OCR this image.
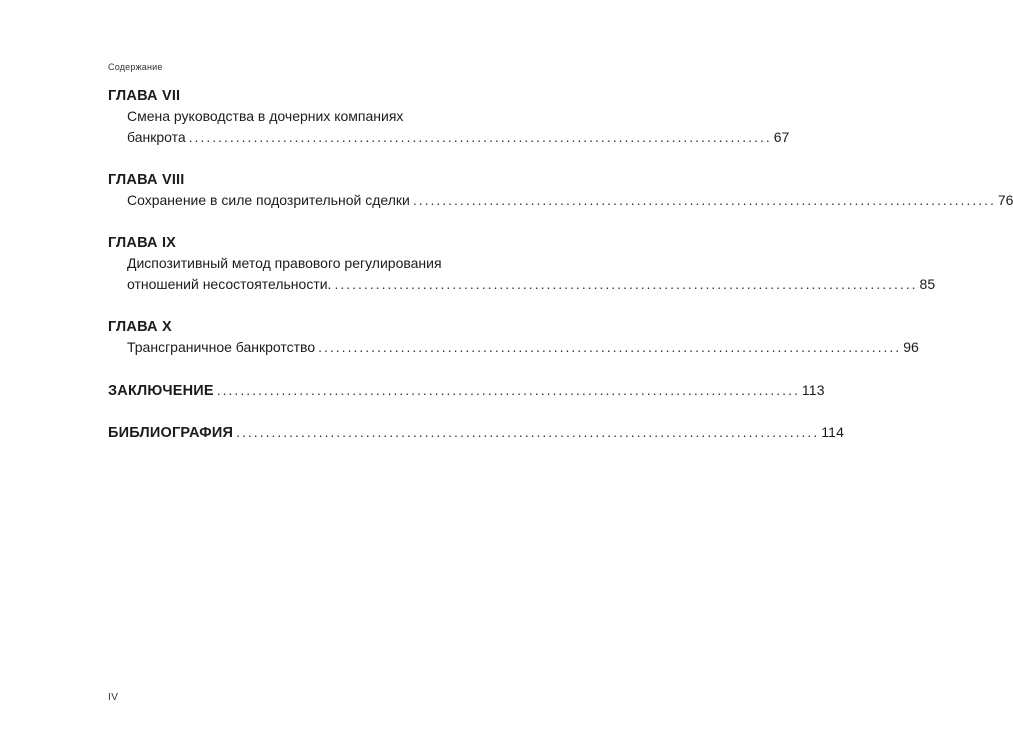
Содержание
ГЛАВА VII
Смена руководства в дочерних компаниях
банкрота ................................................................................................... 67
ГЛАВА VIII
Сохранение в силе подозрительной сделки ................................................................................................... 76
ГЛАВА IX
Диспозитивный метод правового регулирования
отношений несостоятельности. ................................................................................................... 85
ГЛАВА X
Трансграничное банкротство ................................................................................................... 96
ЗАКЛЮЧЕНИЕ ................................................................................................... 113
БИБЛИОГРАФИЯ ................................................................................................... 114
IV
